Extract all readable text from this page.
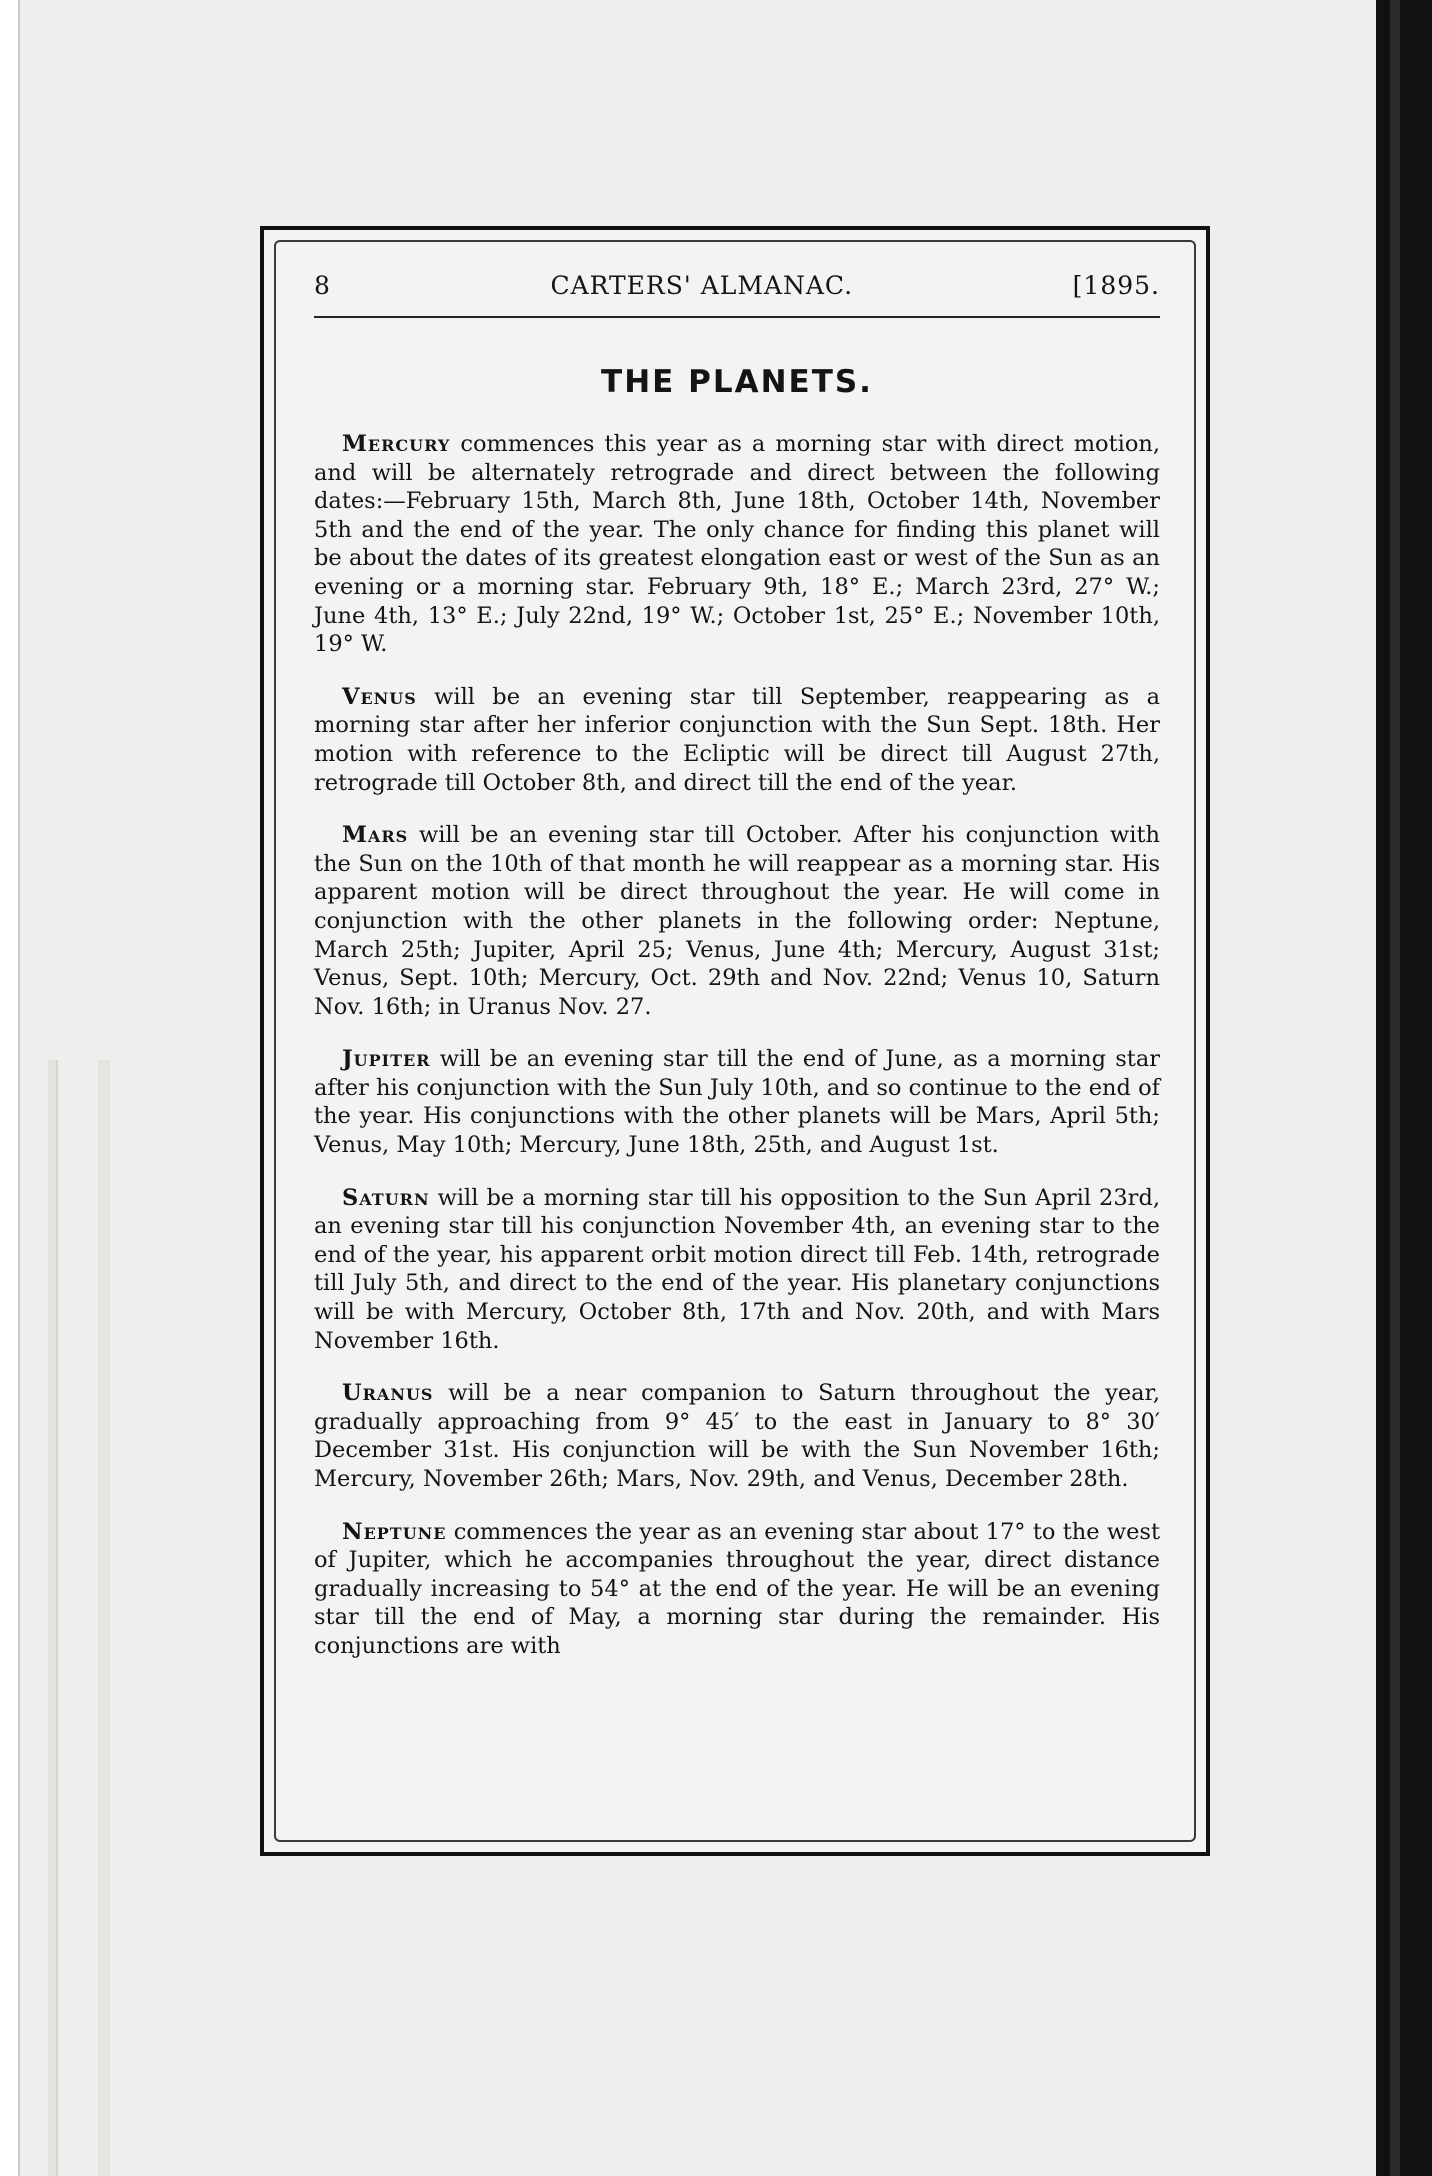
8	CARTERS' ALMANAC.	[1895.
THE PLANETS.

Mercury commences this year as a morning star with direct motion, and will be alternately retrograde and direct between the following dates:—February 15th, March 8th, June 18th, October 14th, November 5th and the end of the year. The only chance for finding this planet will be about the dates of its greatest elongation east or west of the Sun as an evening or a morning star. February 9th, 18° E.; March 23rd, 27° W.; June 4th, 13° E.; July 22nd, 19° W.; October 1st, 25° E.; November 10th, 19° W.

Venus will be an evening star till September, reappearing as a morning star after her inferior conjunction with the Sun Sept. 18th. Her motion with reference to the Ecliptic will be direct till August 27th, retrograde till October 8th, and direct till the end of the year.

Mars will be an evening star till October. After his conjunction with the Sun on the 10th of that month he will reappear as a morning star. His apparent motion will be direct throughout the year. He will come in conjunction with the other planets in the following order: Neptune, March 25th; Jupiter, April 25; Venus, June 4th; Mercury, August 31st; Venus, Sept. 10th; Mercury, Oct. 29th and Nov. 22nd; Venus 10, Saturn Nov. 16th; in Uranus Nov. 27.

Jupiter will be an evening star till the end of June, as a morning star after his conjunction with the Sun July 10th, and so continue to the end of the year. His conjunctions with the other planets will be Mars, April 5th; Venus, May 10th; Mercury, June 18th, 25th, and August 1st.

Saturn will be a morning star till his opposition to the Sun April 23rd, an evening star till his conjunction November 4th, an evening star to the end of the year, his apparent orbit motion direct till Feb. 14th, retrograde till July 5th, and direct to the end of the year. His planetary conjunctions will be with Mercury, October 8th, 17th and Nov. 20th, and with Mars November 16th.

Uranus will be a near companion to Saturn throughout the year, gradually approaching from 9° 45′ to the east in January to 8° 30′ December 31st. His conjunction will be with the Sun November 16th; Mercury, November 26th; Mars, Nov. 29th, and Venus, December 28th.

Neptune commences the year as an evening star about 17° to the west of Jupiter, which he accompanies throughout the year, direct distance gradually increasing to 54° at the end of the year. He will be an evening star till the end of May, a morning star during the remainder. His conjunctions are with
